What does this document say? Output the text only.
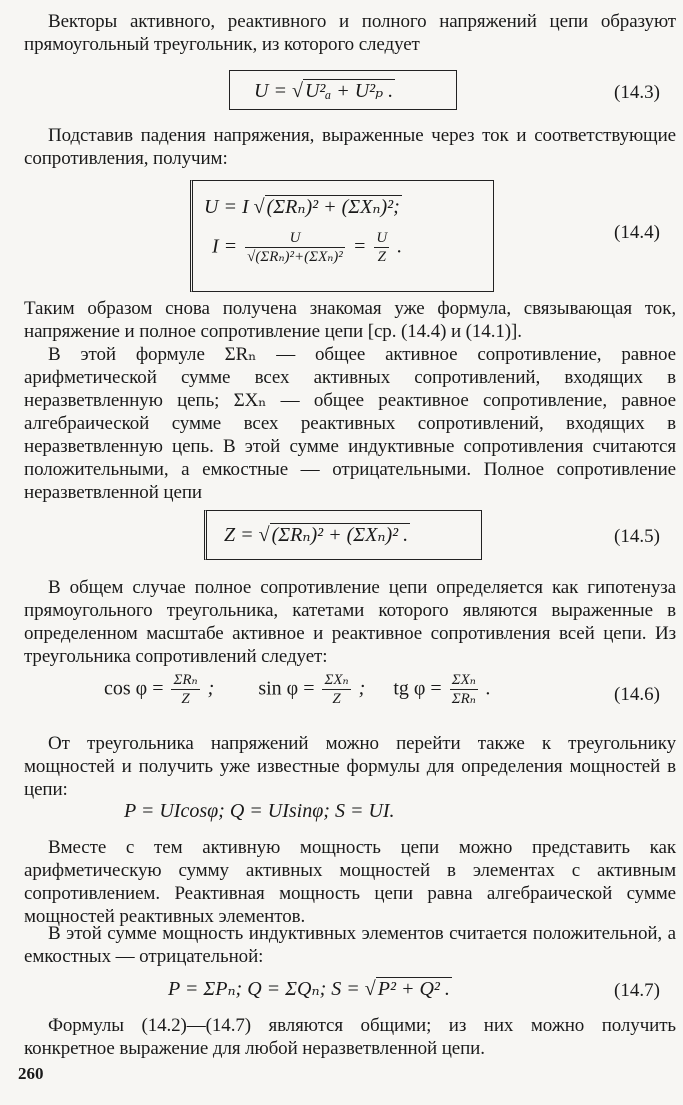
Векторы активного, реактивного и полного напряжений цепи образуют прямоугольный треугольник, из которого следует
U = √ U²ₐ + U²ₚ .	(14.3)
Подставив падения напряжения, выраженные через ток и соответствующие сопротивления, получим:
U = I √ (ΣRₙ)² + (ΣXₙ)²;
$I = \frac{U}{\text{√(ΣRₙ)²+(ΣXₙ)²}} = \frac{U}{Z}$ .
(14.4)
Таким образом снова получена знакомая уже формула, связывающая ток, напряжение и полное сопротивление цепи [ср. (14.4) и (14.1)].
В этой формуле ΣRₙ — общее активное сопротивление, равное арифметической сумме всех активных сопротивлений, входящих в неразветвленную цепь; ΣXₙ — общее реактивное сопротивление, равное алгебраической сумме всех реактивных сопротивлений, входящих в неразветвленную цепь. В этой сумме индуктивные сопротивления считаются положительными, а емкостные — отрицательными. Полное сопротивление неразветвленной цепи
Z = √ (ΣRₙ)² + (ΣXₙ)² .	(14.5)
В общем случае полное сопротивление цепи определяется как гипотенуза прямоугольного треугольника, катетами которого являются выраженные в определенном масштабе активное и реактивное сопротивления всей цепи. Из треугольника сопротивлений следует:
$\cos \varphi = \frac{\text{ΣRₙ}}{Z}$ ; $\sin \varphi = \frac{\text{ΣXₙ}}{Z}$ ; tg $\varphi = \frac{\text{ΣXₙ}}{\text{ΣRₙ}}$ .	(14.6)
От треугольника напряжений можно перейти также к треугольнику мощностей и получить уже известные формулы для определения мощностей в цепи:
P = UIcosφ; Q = UIsinφ; S = UI.
Вместе с тем активную мощность цепи можно представить как арифметическую сумму активных мощностей в элементах с активным сопротивлением. Реактивная мощность цепи равна алгебраической сумме мощностей реактивных элементов.
В этой сумме мощность индуктивных элементов считается положительной, а емкостных — отрицательной:
P = ΣPₙ; Q = ΣQₙ; S = √ P² + Q² .	(14.7)
Формулы (14.2)—(14.7) являются общими; из них можно получить конкретное выражение для любой неразветвленной цепи.
260
